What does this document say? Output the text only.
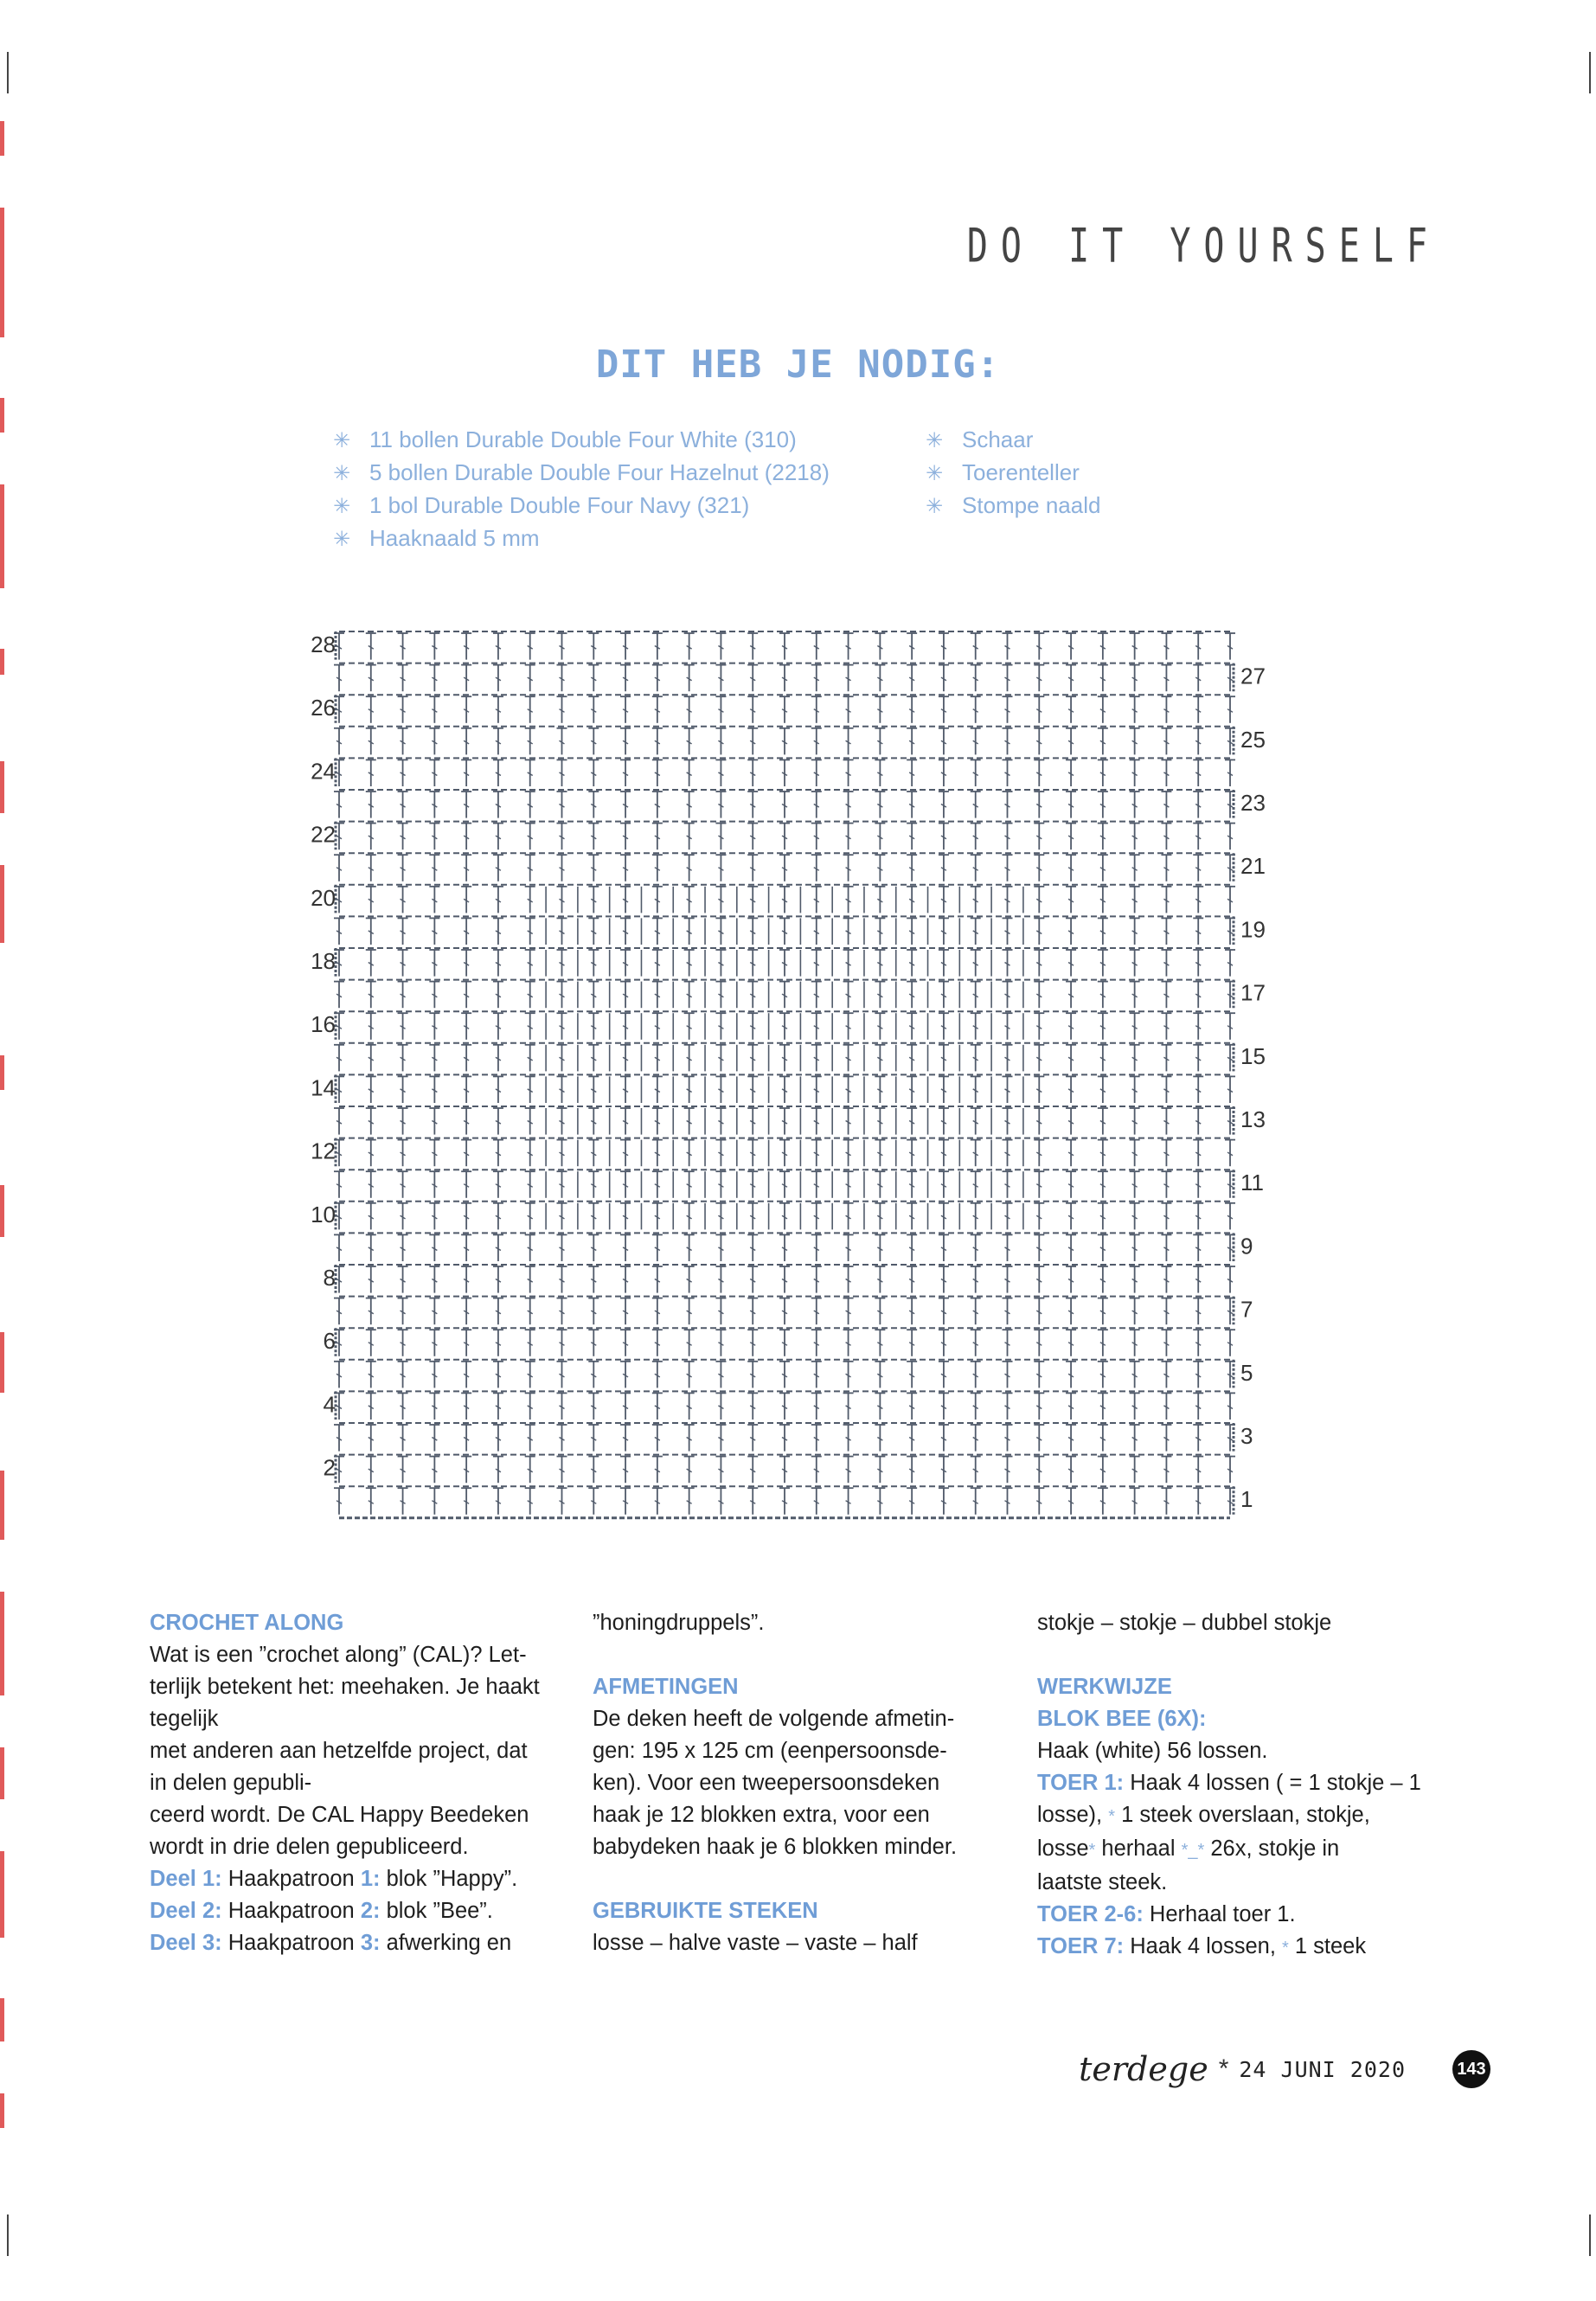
DO IT YOURSELF
DIT HEB JE NODIG:
✳ 11 bollen Durable Double Four White (310)
✳ 5 bollen Durable Double Four Hazelnut (2218)
✳ 1 bol Durable Double Four Navy (321)
✳ Haaknaald 5 mm
✳ Schaar
✳ Toerenteller
✳ Stompe naald
28
26
24
22
20
18
16
14
12
10
8
6
4
2
27
25
23
21
19
17
15
13
11
9
7
5
3
1

CROCHET ALONG

Wat is een ”crochet along” (CAL)? Let-

terlijk betekent het: meehaken. Je haakt

tegelijk

met anderen aan hetzelfde project, dat

in delen gepubli-

ceerd wordt. De CAL Happy Beedeken

wordt in drie delen gepubliceerd.

Deel 1: Haakpatroon 1: blok ”Happy”.

Deel 2: Haakpatroon 2: blok ”Bee”.

Deel 3: Haakpatroon 3: afwerking en

”honingdruppels”.

AFMETINGEN

De deken heeft de volgende afmetin-

gen: 195 x 125 cm (eenpersoonsde-

ken). Voor een tweepersoonsdeken

haak je 12 blokken extra, voor een

babydeken haak je 6 blokken minder.

GEBRUIKTE STEKEN

losse – halve vaste – vaste – half

stokje – stokje – dubbel stokje

WERKWIJZE

BLOK BEE (6X):

Haak (white) 56 lossen.

TOER 1: Haak 4 lossen ( = 1 stokje – 1

losse), * 1 steek overslaan, stokje,

losse* herhaal *_* 26x, stokje in

laatste steek.

TOER 2-6: Herhaal toer 1.

TOER 7: Haak 4 lossen, * 1 steek

terdege * 24 JUNI 2020	143
